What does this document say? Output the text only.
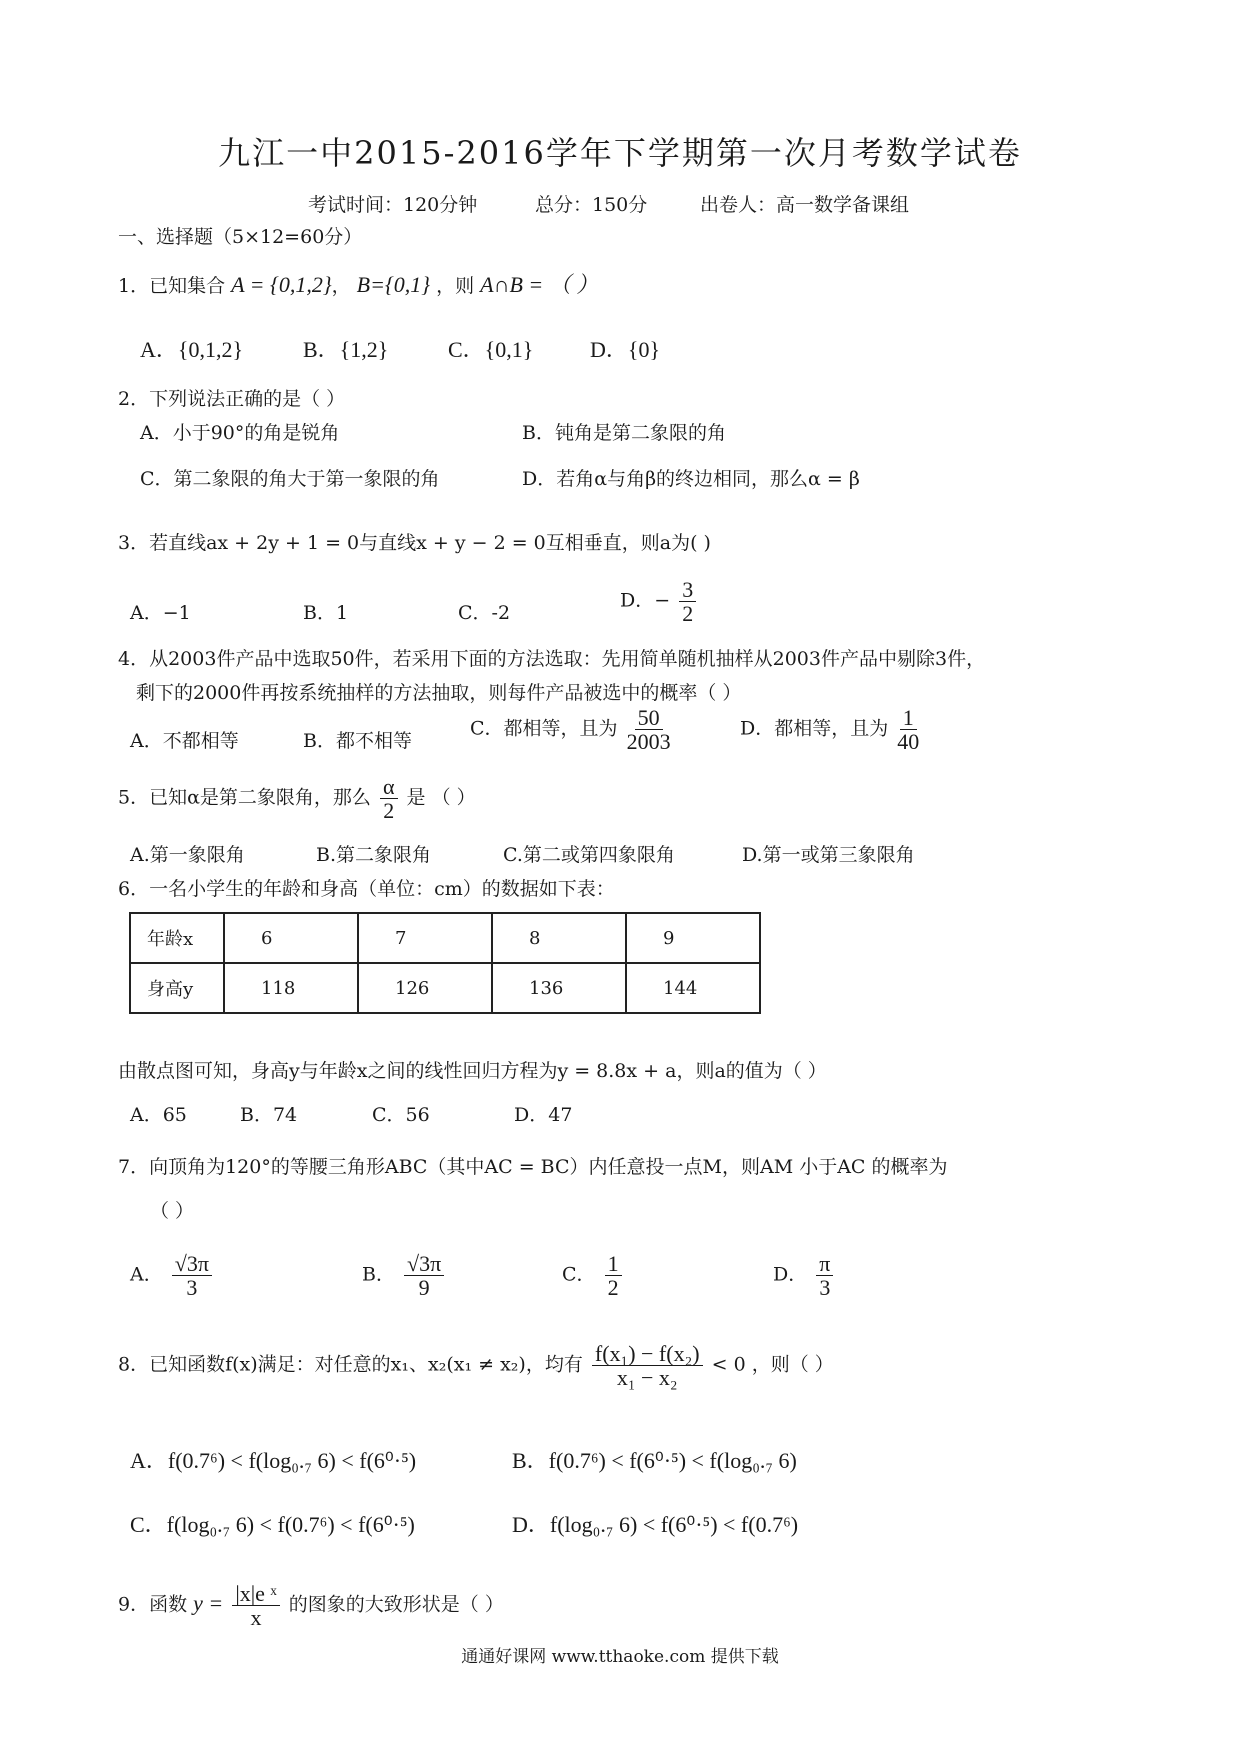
九江一中2015-2016学年下学期第一次月考数学试卷
考试时间：120分钟	总分：150分	出卷人：高一数学备课组
一、选择题（5×12=60分）
1．已知集合 A = {0,1,2}， B={0,1} ，则 A∩B = （ ）
A．{0,1,2}	B．{1,2}	C．{0,1}	D．{0}
2．下列说法正确的是（ ）
A．小于90°的角是锐角	B．钝角是第二象限的角
C．第二象限的角大于第一象限的角	D．若角α与角β的终边相同，那么α = β
3．若直线ax + 2y + 1 = 0与直线x + y − 2 = 0互相垂直，则a为( )
A．−1	B．1	C．-2
D．− $\frac{3}{2}$
4．从2003件产品中选取50件，若采用下面的方法选取：先用简单随机抽样从2003件产品中剔除3件，
剩下的2000件再按系统抽样的方法抽取，则每件产品被选中的概率（ ）
A．不都相等	B．都不相等
C．都相等，且为 $\frac{50}{2003}$	D．都相等，且为 $\frac{1}{40}$
5．已知α是第二象限角，那么 $\frac{\alpha}{2}$ 是 （ ）
A.第一象限角	B.第二象限角	C.第二或第四象限角	D.第一或第三象限角
6．一名小学生的年龄和身高（单位：cm）的数据如下表：
年龄x	6	7	8	9
身高y	118	126	136	144
由散点图可知，身高y与年龄x之间的线性回归方程为y = 8.8x + a，则a的值为（ ）
A．65	B．74	C．56	D．47
7．向顶角为120°的等腰三角形ABC（其中AC = BC）内任意投一点M，则AM 小于AC 的概率为
（ ）
A． $\frac{√3\pi}{3}$	B． $\frac{√3\pi}{9}$	C． $\frac{1}{2}$	D． $\frac{\pi}{3}$
8．已知函数f(x)满足：对任意的x₁、x₂(x₁ ≠ x₂)，均有 $\frac{\text{f(x₁) − f(x₂)}}{\text{x₁ − x₂}} < 0$ ，则（ ）
A．f(0.7⁶) < f(log₀.₇ 6) < f(6⁰·⁵)	B．f(0.7⁶) < f(6⁰·⁵) < f(log₀.₇ 6)
C．f(log₀.₇ 6) < f(0.7⁶) < f(6⁰·⁵)	D．f(log₀.₇ 6) < f(6⁰·⁵) < f(0.7⁶)
9．函数 $y = \frac{\text{|x|e ˣ}}{x}$ 的图象的大致形状是（ ）
通通好课网 www.tthaoke.com 提供下载
